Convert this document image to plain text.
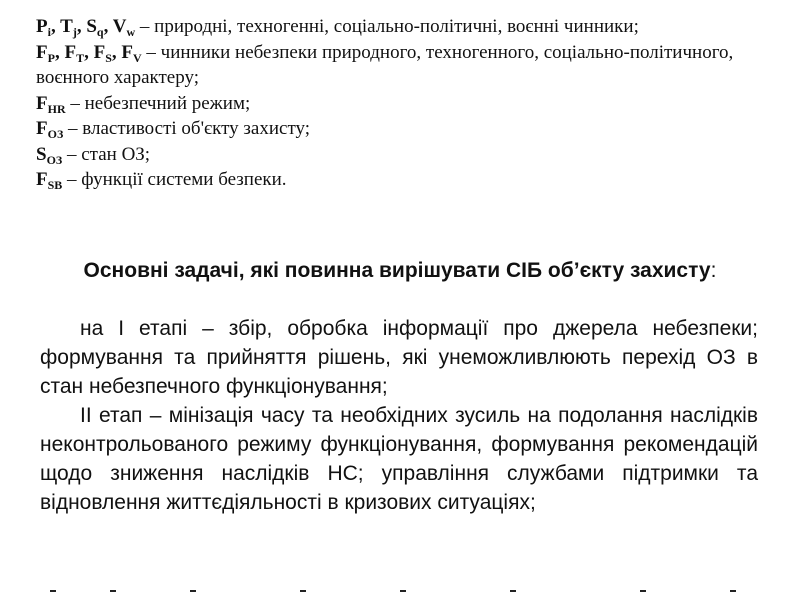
$P_i$, $T_j$, $S_q$, $V_w$ – природні, техногенні, соціально-політичні, воєнні чинники;

$F_P$, $F_T$, $F_S$, $F_V$ – чинники небезпеки природного, техногенного, соціально-політичного, воєнного характеру;

$F_{HR}$ – небезпечний режим;

$F_{ОЗ}$ – властивості об'єкту захисту;

$S_{ОЗ}$ – стан ОЗ;

$F_{SB}$ – функції системи безпеки.

Основні задачі, які повинна вирішувати СІБ об’єкту захисту:

на I етапі – збір, обробка інформації про джерела небезпеки; формування та прийняття рішень, які унеможливлюють перехід ОЗ в стан небезпечного функціонування;

II етап – мінізація часу та необхідних зусиль на подолання наслідків неконтрольованого режиму функціонування, формування рекомендацій щодо зниження наслідків НС; управління службами підтримки та відновлення життєдіяльності в кризових ситуаціях;
